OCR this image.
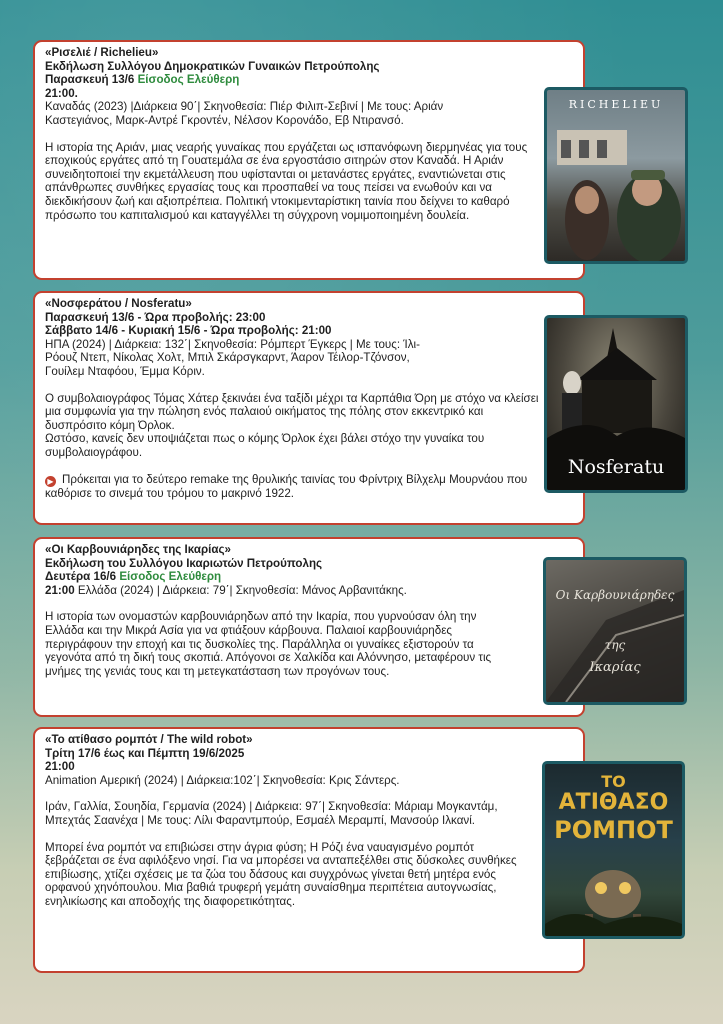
«Ρισελιέ / Richelieu»

Εκδήλωση Συλλόγου Δημοκρατικών Γυναικών Πετρούπολης

Παρασκευή 13/6 Είσοδος Ελεύθερη

21:00.

Καναδάς (2023) |Διάρκεια 90΄| Σκηνοθεσία: Πιέρ Φιλιπ-Σεβινί | Με τους: Αριάν Καστεγιάνος, Μαρκ-Αντρέ Γκροντέν, Νέλσον Κορονάδο, Εβ Ντιρανσό.

Η ιστορία της Αριάν, μιας νεαρής γυναίκας που εργάζεται ως ισπανόφωνη διερμηνέας για τους εποχικούς εργάτες από τη Γουατεμάλα σε ένα εργοστάσιο σιτηρών στον Καναδά. Η Αριάν συνειδητοποιεί την εκμετάλλευση που υφίστανται οι μετανάστες εργάτες, εναντιώνεται στις απάνθρωπες συνθήκες εργασίας τους και προσπαθεί να τους πείσει να ενωθούν και να διεκδικήσουν ζωή και αξιοπρέπεια. Πολιτική ντοκιμενταρίστικη ταινία που δείχνει το καθαρό πρόσωπο του καπιταλισμού και καταγγέλλει τη σύγχρονη νομιμοποιημένη δουλεία.

RICHELIEU

«Νοσφεράτου / Nosferatu»

Παρασκευή 13/6 - Ώρα προβολής: 23:00

Σάββατο 14/6 - Κυριακή 15/6 - Ώρα προβολής: 21:00

ΗΠΑ (2024) | Διάρκεια: 132΄| Σκηνοθεσία: Ρόμπερτ Έγκερς | Με τους: Ίλι-Ρόουζ Ντεπ, Νίκολας Χολτ, Μπιλ Σκάρσγκαρντ, Άαρον Τέιλορ-Τζόνσον, Γουίλεμ Νταφόου, Έμμα Κόριν.

Ο συμβολαιογράφος Τόμας Χάτερ ξεκινάει ένα ταξίδι μέχρι τα Καρπάθια Όρη με στόχο να κλείσει μια συμφωνία για την πώληση ενός παλαιού οικήματος της πόλης στον εκκεντρικό και δυσπρόσιτο κόμη Όρλοκ.

Ωστόσο, κανείς δεν υποψιάζεται πως ο κόμης Όρλοκ έχει βάλει στόχο την γυναίκα του συμβολαιογράφου.

▶ Πρόκειται για το δεύτερο remake της θρυλικής ταινίας του Φρίντριχ Βίλχελμ Μουρνάου που καθόρισε το σινεμά του τρόμου το μακρινό 1922.

Nosferatu

«Οι Καρβουνιάρηδες της Ικαρίας»

Εκδήλωση του Συλλόγου Ικαριωτών Πετρούπολης

Δευτέρα 16/6 Είσοδος Ελεύθερη

21:00 Ελλάδα (2024) | Διάρκεια: 79΄| Σκηνοθεσία: Μάνος Αρβανιτάκης.

Η ιστορία των ονομαστών καρβουνιάρηδων από την Ικαρία, που γυρνούσαν όλη την Ελλάδα και την Μικρά Ασία για να φτιάξουν κάρβουνα. Παλαιοί καρβουνιάρηδες περιγράφουν την εποχή και τις δυσκολίες της. Παράλληλα οι γυναίκες εξιστορούν τα γεγονότα από τη δική τους σκοπιά. Απόγονοι σε Χαλκίδα και Αλόννησο, μεταφέρουν τις μνήμες της γενιάς τους και τη μετεγκατάσταση των προγόνων τους.

Οι Καρβουνιάρηδες
της
Ικαρίας

«Το ατίθασο ρομπότ / The wild robot»

Τρίτη 17/6 έως και Πέμπτη 19/6/2025

21:00

Animation Αμερική (2024) | Διάρκεια:102΄| Σκηνοθεσία: Κρις Σάντερς.

Ιράν, Γαλλία, Σουηδία, Γερμανία (2024) | Διάρκεια: 97΄| Σκηνοθεσία: Μάριαμ Μογκαντάμ, Μπεχτάς Σαανέχα | Με τους: Λίλι Φαραντμπούρ, Εσμαέλ Μεραμπί, Μανσούρ Ιλκανί.

Μπορεί ένα ρομπότ να επιβιώσει στην άγρια φύση; Η Ρόζι ένα ναυαγισμένο ρομπότ ξεβράζεται σε ένα αφιλόξενο νησί. Για να μπορέσει να ανταπεξέλθει στις δύσκολες συνθήκες επιβίωσης, χτίζει σχέσεις με τα ζώα του δάσους και συγχρόνως γίνεται θετή μητέρα ενός ορφανού χηνόπουλου. Μια βαθιά τρυφερή γεμάτη συναίσθημα περιπέτεια αυτογνωσίας, ενηλικίωσης και αποδοχής της διαφορετικότητας.

ΤΟ
ΑΤΙΘΑΣΟ
ΡΟΜΠΟΤ
